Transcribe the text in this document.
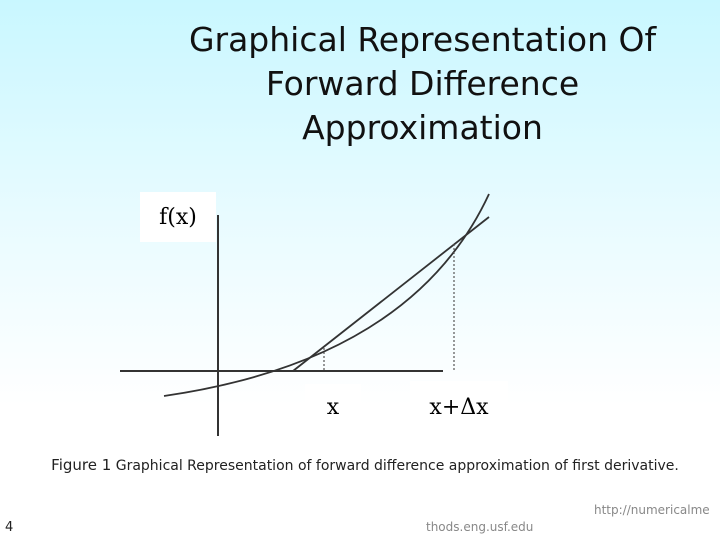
Graphical Representation Of
Forward Difference
Approximation
f(x)
x	x+Δx
Figure 1 Graphical Representation of forward difference approximation of first derivative.
4
http://numericalme
thods.eng.usf.edu
